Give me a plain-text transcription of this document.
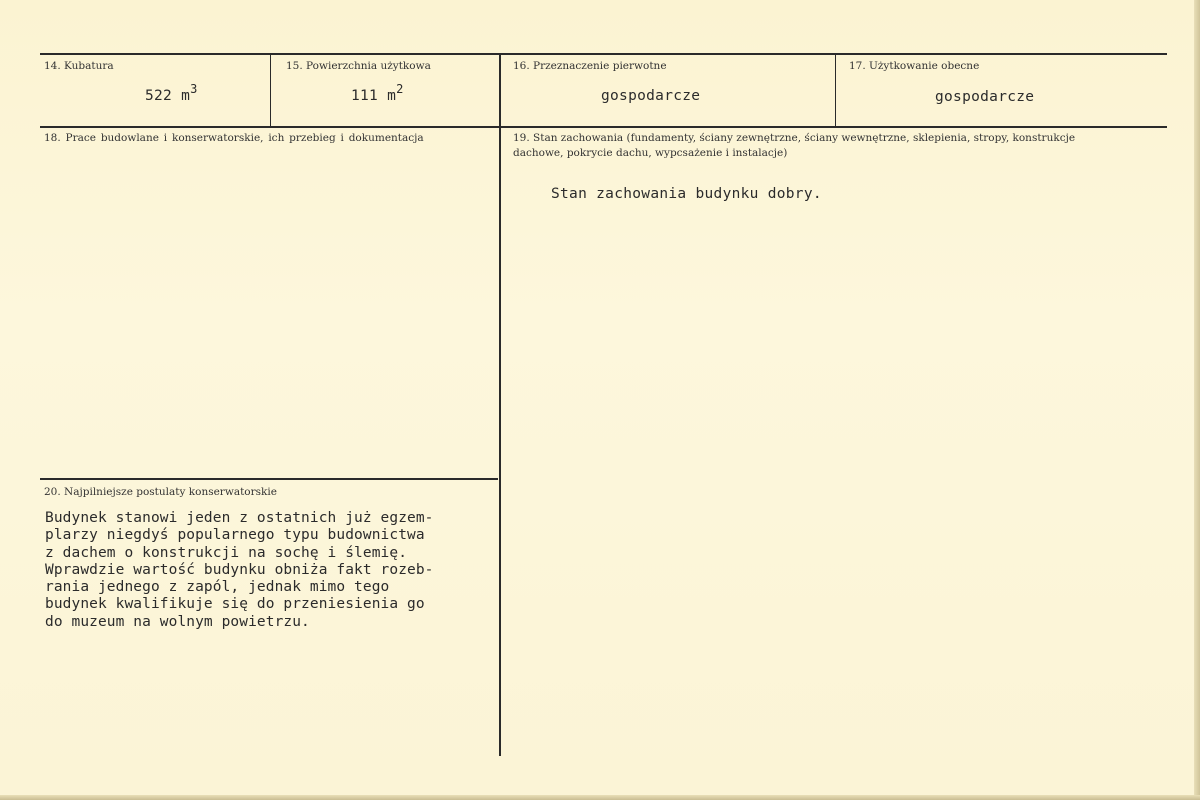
14. Kubatura
522 $m^3$
15. Powierzchnia użytkowa
111 $m^2$
16. Przeznaczenie pierwotne
gospodarcze
17. Użytkowanie obecne
gospodarcze
18. Prace budowlane i konserwatorskie, ich przebieg i dokumentacja	19. Stan zachowania (fundamenty, ściany zewnętrzne, ściany wewnętrzne, sklepienia, stropy, konstrukcje dachowe, pokrycie dachu, wypcsażenie i instalacje)
Stan zachowania budynku dobry.
20. Najpilniejsze postulaty konserwatorskie
Budynek stanowi jeden z ostatnich już egzem-
plarzy niegdyś popularnego typu budownictwa
z dachem o konstrukcji na sochę i ślemię.
Wprawdzie wartość budynku obniża fakt rozeb-
rania jednego z zapól, jednak mimo tego
budynek kwalifikuje się do przeniesienia go
do muzeum na wolnym powietrzu.
